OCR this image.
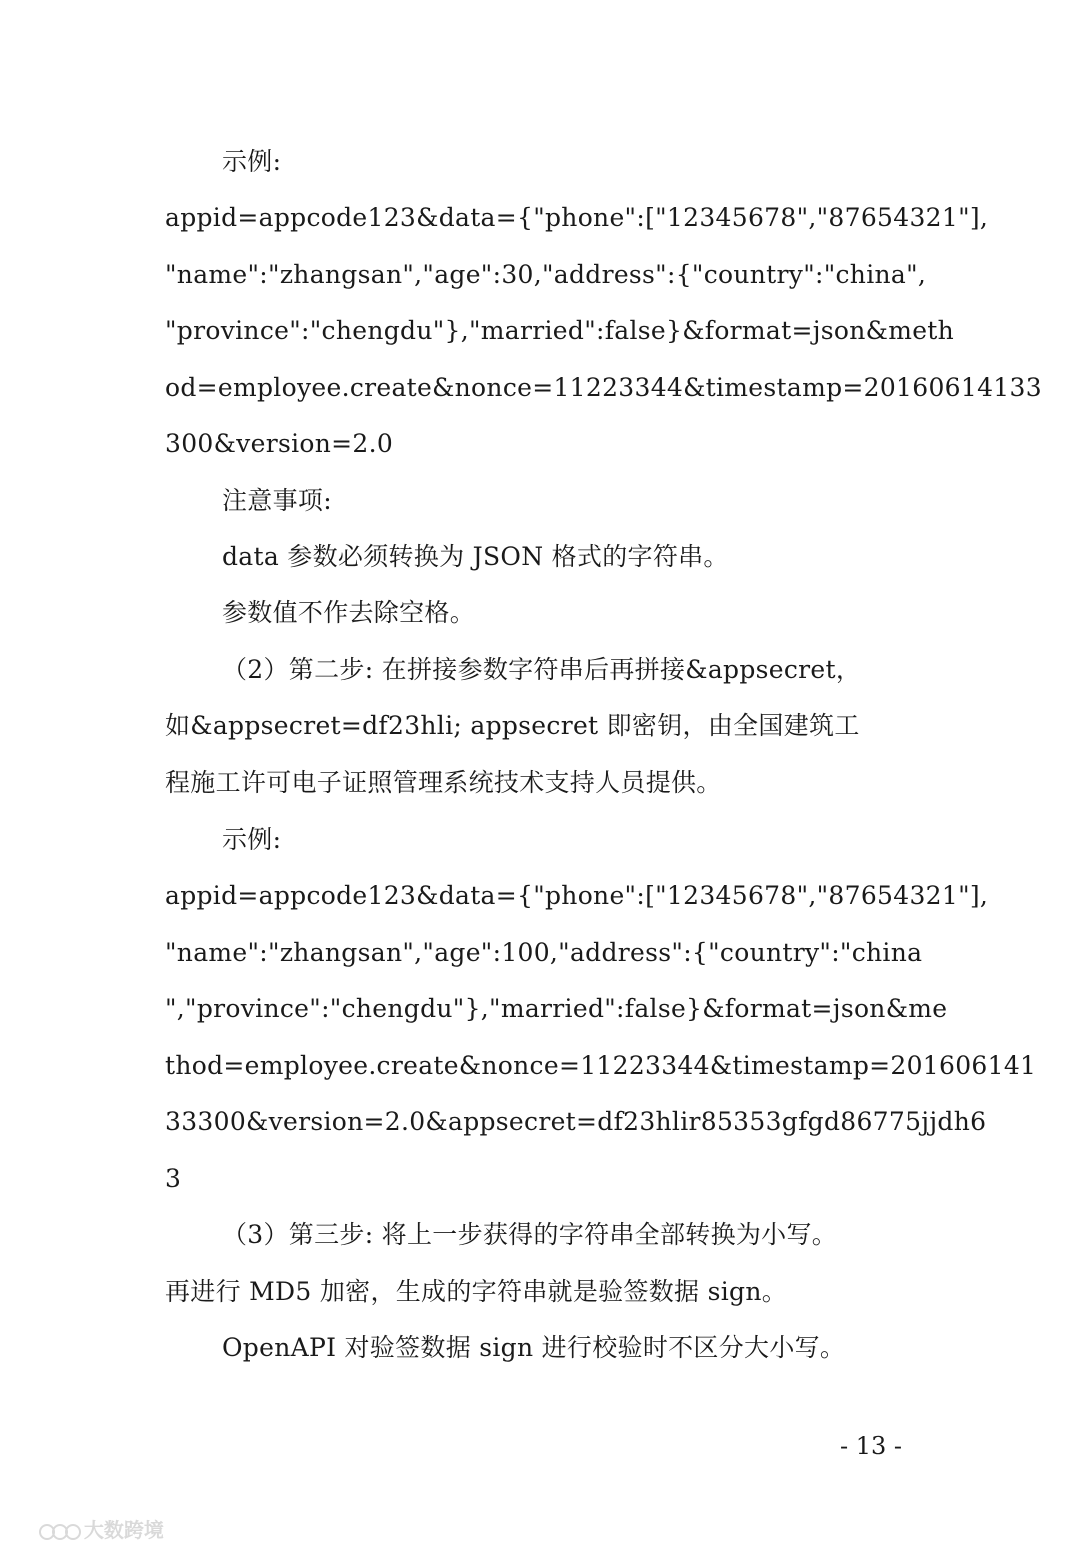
示例:
appid=appcode123&data={"phone":["12345678","87654321"],
"name":"zhangsan","age":30,"address":{"country":"china",
"province":"chengdu"},"married":false}&format=json&meth
od=employee.create&nonce=11223344&timestamp=20160614133
300&version=2.0
注意事项:
data 参数必须转换为 JSON 格式的字符串。
参数值不作去除空格。
（2）第二步: 在拼接参数字符串后再拼接&appsecret，
如&appsecret=df23hli; appsecret 即密钥，由全国建筑工
程施工许可电子证照管理系统技术支持人员提供。
示例:
appid=appcode123&data={"phone":["12345678","87654321"],
"name":"zhangsan","age":100,"address":{"country":"china
","province":"chengdu"},"married":false}&format=json&me
thod=employee.create&nonce=11223344&timestamp=201606141
33300&version=2.0&appsecret=df23hlir85353gfgd86775jjdh6
3
（3）第三步: 将上一步获得的字符串全部转换为小写。
再进行 MD5 加密，生成的字符串就是验签数据 sign。
OpenAPI 对验签数据 sign 进行校验时不区分大小写。
- 13 -

大数跨境
